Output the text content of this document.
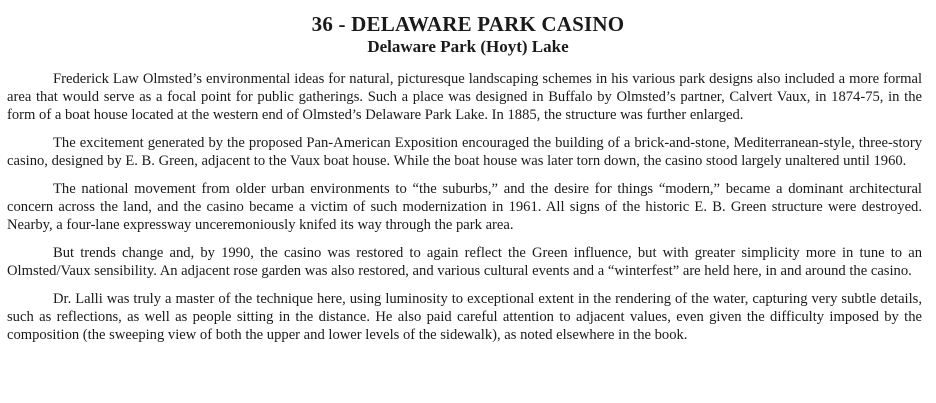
36 - DELAWARE PARK CASINO
Delaware Park (Hoyt) Lake

Frederick Law Olmsted’s environmental ideas for natural, picturesque landscaping schemes in his various park designs also included a more formal area that would serve as a focal point for public gatherings. Such a place was designed in Buffalo by Olmsted’s partner, Calvert Vaux, in 1874-75, in the form of a boat house located at the western end of Olmsted’s Delaware Park Lake. In 1885, the structure was further enlarged.

The excitement generated by the proposed Pan-American Exposition encouraged the building of a brick-and-stone, Mediterranean-style, three-story casino, designed by E. B. Green, adjacent to the Vaux boat house. While the boat house was later torn down, the casino stood largely unaltered until 1960.

The national movement from older urban environments to “the suburbs,” and the desire for things “modern,” became a dominant architectural concern across the land, and the casino became a victim of such modernization in 1961. All signs of the historic E. B. Green structure were destroyed. Nearby, a four-lane expressway unceremoniously knifed its way through the park area.

But trends change and, by 1990, the casino was restored to again reflect the Green influence, but with greater simplicity more in tune to an Olmsted/Vaux sensibility. An adjacent rose garden was also restored, and various cultural events and a “winterfest” are held here, in and around the casino.

Dr. Lalli was truly a master of the technique here, using luminosity to exceptional extent in the rendering of the water, capturing very subtle details, such as reflections, as well as people sitting in the distance. He also paid careful attention to adjacent values, even given the difficulty imposed by the composition (the sweeping view of both the upper and lower levels of the sidewalk), as noted elsewhere in the book.
